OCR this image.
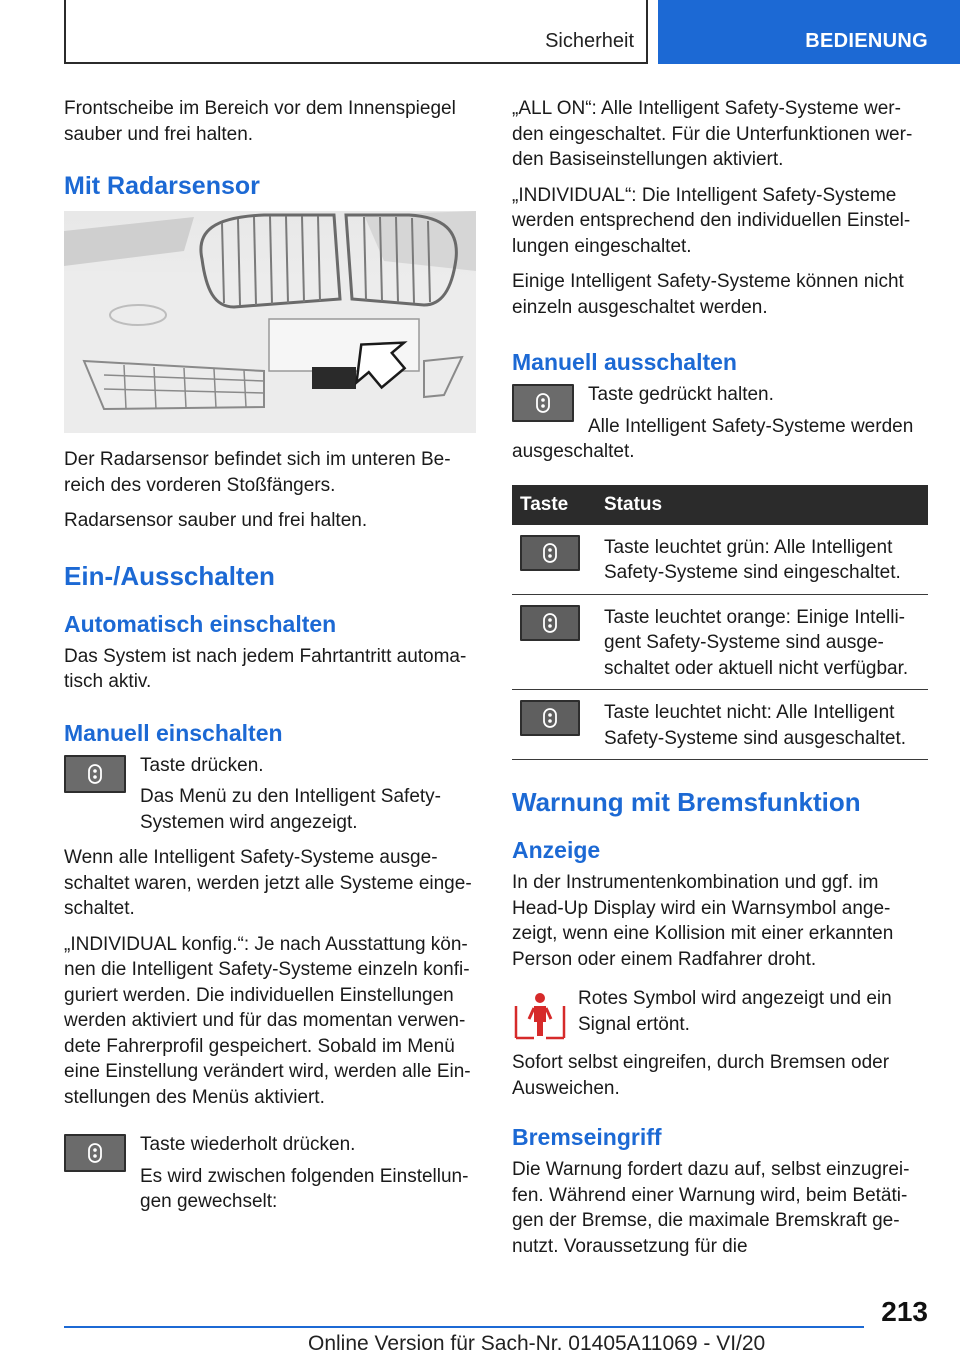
Sicherheit	BEDIENUNG

Frontscheibe im Bereich vor dem Innenspiegel sauber und frei halten.

Mit Radarsensor

Der Radarsensor befindet sich im unteren Be-reich des vorderen Stoßfängers.

Radarsensor sauber und frei halten.

Ein-/Ausschalten
Automatisch einschalten

Das System ist nach jedem Fahrtantritt automa-tisch aktiv.

Manuell einschalten

Taste drücken.

Das Menü zu den Intelligent Safety-Systemen wird angezeigt.

Wenn alle Intelligent Safety-Systeme ausge-schaltet waren, werden jetzt alle Systeme einge-schaltet.

„INDIVIDUAL konfig.“: Je nach Ausstattung kön-nen die Intelligent Safety-Systeme einzeln konfi-guriert werden. Die individuellen Einstellungen werden aktiviert und für das momentan verwen-dete Fahrerprofil gespeichert. Sobald im Menü eine Einstellung verändert wird, werden alle Ein-stellungen des Menüs aktiviert.

Taste wiederholt drücken.

Es wird zwischen folgenden Einstellun-gen gewechselt:

„ALL ON“: Alle Intelligent Safety-Systeme wer-den eingeschaltet. Für die Unterfunktionen wer-den Basiseinstellungen aktiviert.

„INDIVIDUAL“: Die Intelligent Safety-Systeme werden entsprechend den individuellen Einstel-lungen eingeschaltet.

Einige Intelligent Safety-Systeme können nicht einzeln ausgeschaltet werden.

Manuell ausschalten

Taste gedrückt halten.

Alle Intelligent Safety-Systeme werden ausgeschaltet.

Taste	Status

	Taste leuchtet grün: Alle Intelligent Safety-Systeme sind eingeschaltet.

	Taste leuchtet orange: Einige Intelli-gent Safety-Systeme sind ausge-schaltet oder aktuell nicht verfügbar.

	Taste leuchtet nicht: Alle Intelligent Safety-Systeme sind ausgeschaltet.
Warnung mit Bremsfunktion
Anzeige

In der Instrumentenkombination und ggf. im Head-Up Display wird ein Warnsymbol ange-zeigt, wenn eine Kollision mit einer erkannten Person oder einem Radfahrer droht.

Rotes Symbol wird angezeigt und ein Signal ertönt.

Sofort selbst eingreifen, durch Bremsen oder Ausweichen.

Bremseingriff

Die Warnung fordert dazu auf, selbst einzugrei-fen. Während einer Warnung wird, beim Betäti-gen der Bremse, die maximale Bremskraft ge-nutzt. Voraussetzung für die

213
Online Version für Sach-Nr. 01405A11069 - VI/20
